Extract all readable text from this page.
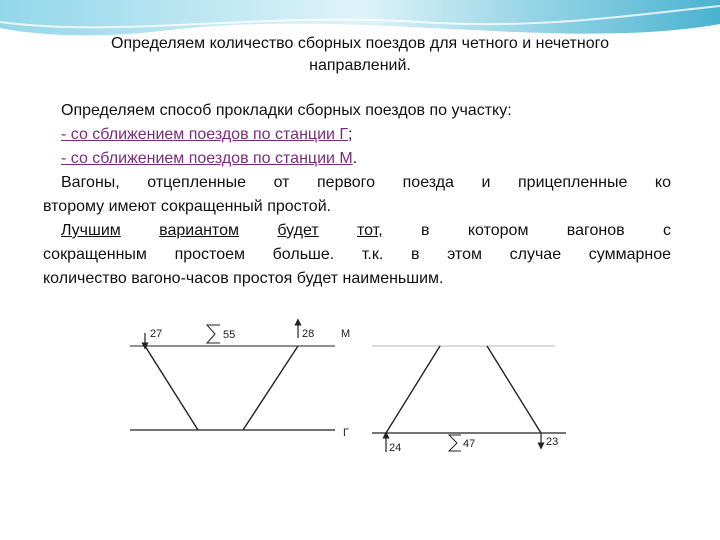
Определяем количество сборных поездов для четного и нечетного
направлений.
Определяем способ прокладки сборных поездов по участку:
- со сближением поездов по станции Г;
- со сближением поездов по станции М.
Вагоны, отцепленные от первого поезда и прицепленные ко
второму имеют сокращенный простой.
Лучшим вариантом будет тот, в котором вагонов с
сокращенным простоем больше. т.к. в этом случае суммарное
количество вагоно-часов простоя будет наименьшим.
27	55	28 М
Г
24	47	23
